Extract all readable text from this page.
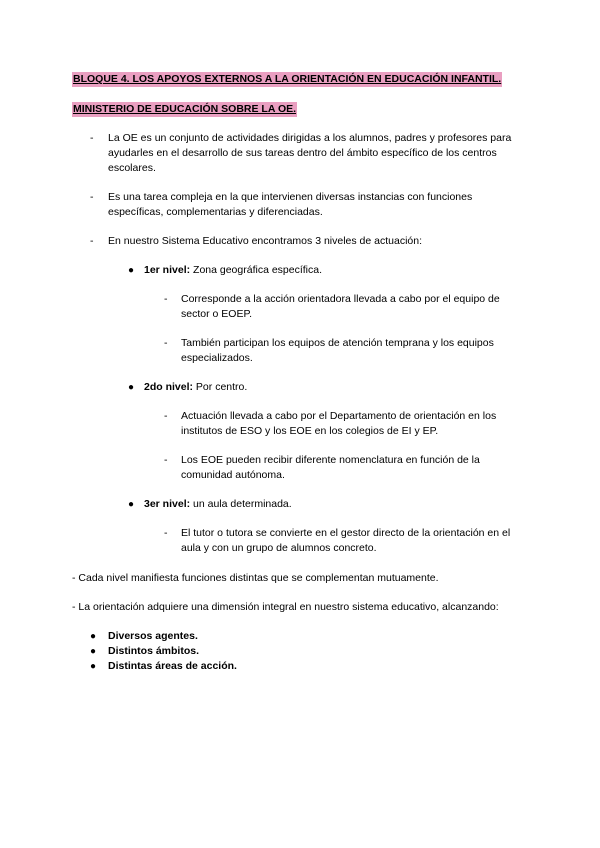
BLOQUE 4. LOS APOYOS EXTERNOS A LA ORIENTACIÓN EN EDUCACIÓN INFANTIL.
MINISTERIO DE EDUCACIÓN SOBRE LA OE.
-	La OE es un conjunto de actividades dirigidas a los alumnos, padres y profesores para ayudarles en el desarrollo de sus tareas dentro del ámbito específico de los centros escolares.
-	Es una tarea compleja en la que intervienen diversas instancias con funciones específicas, complementarias y diferenciadas.
-	En nuestro Sistema Educativo encontramos 3 niveles de actuación:
● 1er nivel: Zona geográfica específica.
-	Corresponde a la acción orientadora llevada a cabo por el equipo de sector o EOEP.
-	También participan los equipos de atención temprana y los equipos especializados.
● 2do nivel: Por centro.
-	Actuación llevada a cabo por el Departamento de orientación en los institutos de ESO y los EOE en los colegios de EI y EP.
-	Los EOE pueden recibir diferente nomenclatura en función de la comunidad autónoma.
● 3er nivel: un aula determinada.
-	El tutor o tutora se convierte en el gestor directo de la orientación en el aula y con un grupo de alumnos concreto.
- Cada nivel manifiesta funciones distintas que se complementan mutuamente.
- La orientación adquiere una dimensión integral en nuestro sistema educativo, alcanzando:
● Diversos agentes.
● Distintos ámbitos.
● Distintas áreas de acción.
